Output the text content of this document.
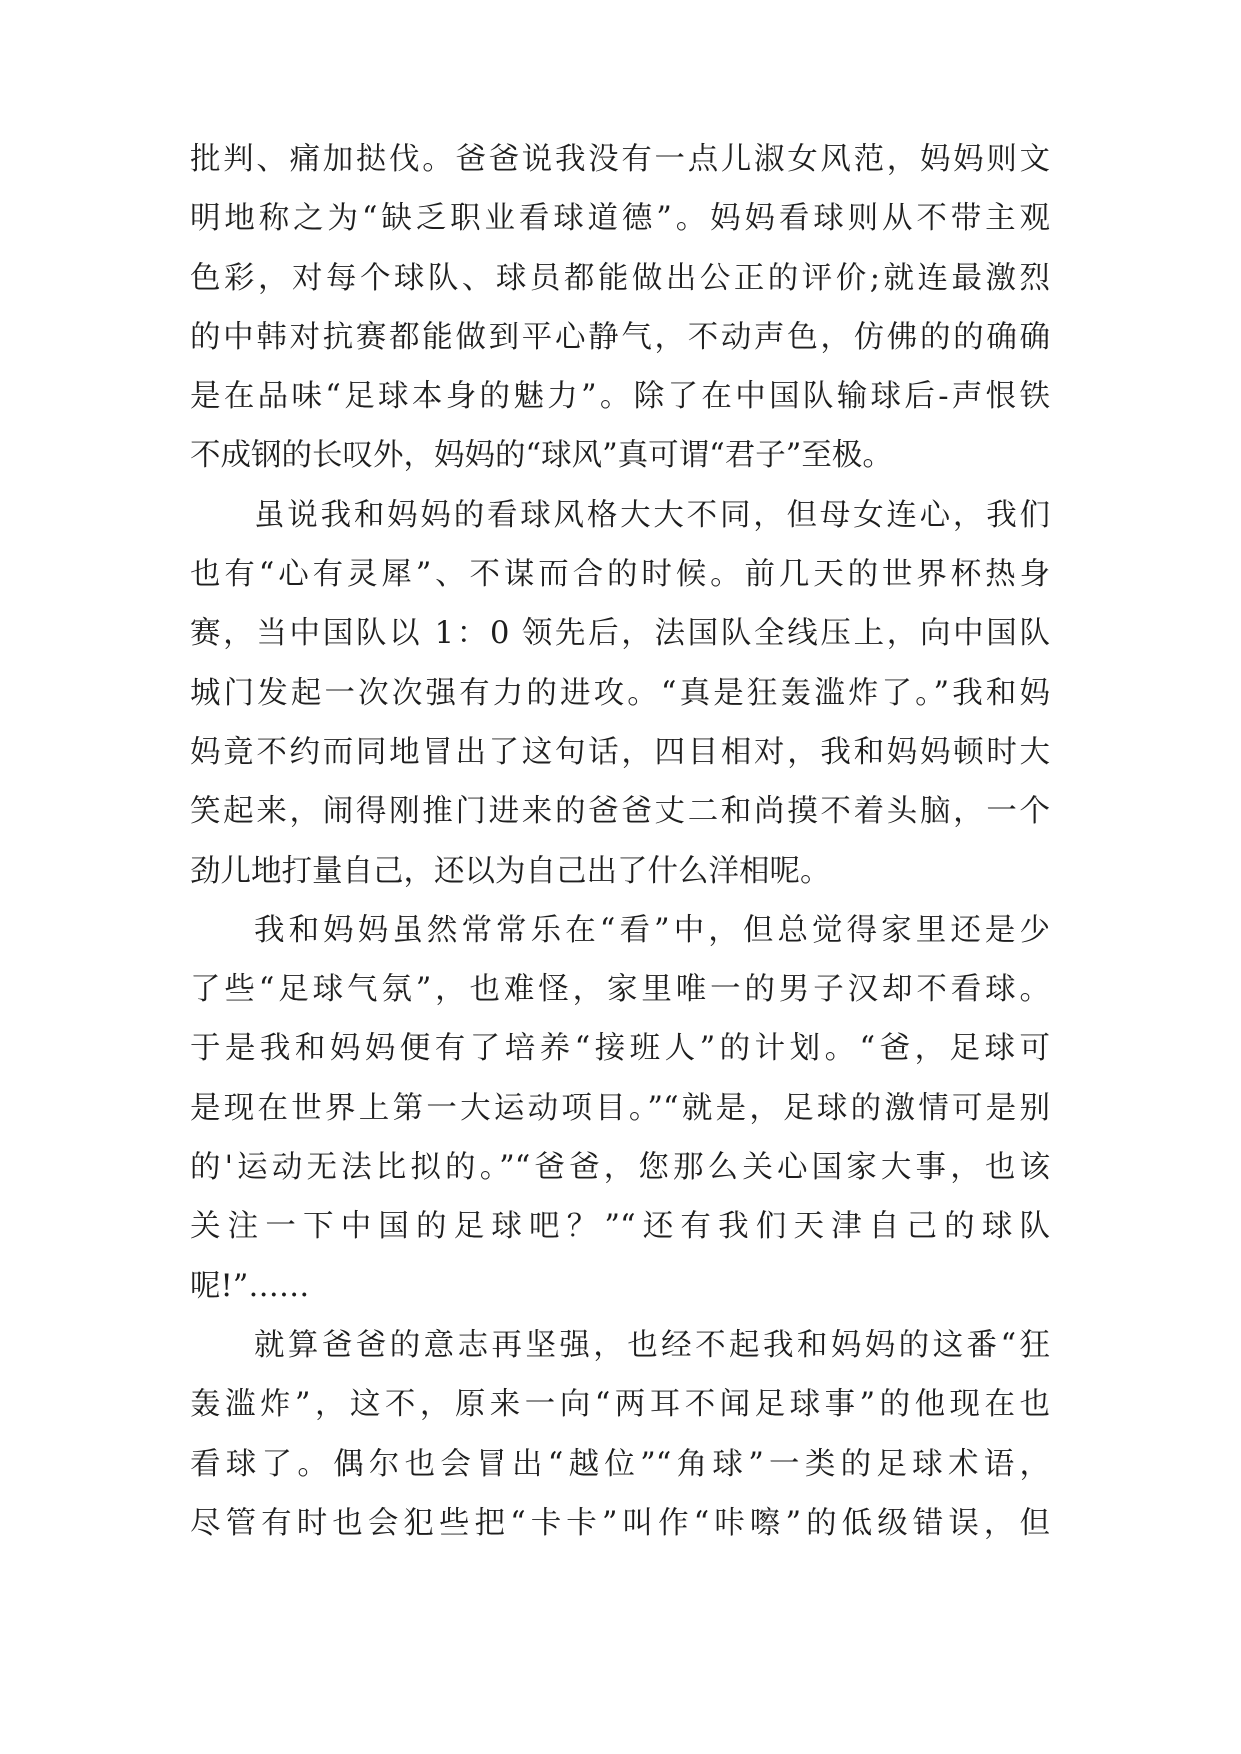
批判、痛加挞伐。爸爸说我没有一点儿淑女风范，妈妈则文
明地称之为“缺乏职业看球道德”。妈妈看球则从不带主观
色彩，对每个球队、球员都能做出公正的评价;就连最激烈
的中韩对抗赛都能做到平心静气，不动声色，仿佛的的确确
是在品味“足球本身的魅力”。除了在中国队输球后-声恨铁
不成钢的长叹外，妈妈的“球风”真可谓“君子”至极。
虽说我和妈妈的看球风格大大不同，但母女连心，我们
也有“心有灵犀”、不谋而合的时候。前几天的世界杯热身
赛，当中国队以 1：0 领先后，法国队全线压上，向中国队
城门发起一次次强有力的进攻。“真是狂轰滥炸了。”我和妈
妈竟不约而同地冒出了这句话，四目相对，我和妈妈顿时大
笑起来，闹得刚推门进来的爸爸丈二和尚摸不着头脑，一个
劲儿地打量自己，还以为自己出了什么洋相呢。
我和妈妈虽然常常乐在“看”中，但总觉得家里还是少
了些“足球气氛”，也难怪，家里唯一的男子汉却不看球。
于是我和妈妈便有了培养“接班人”的计划。“爸，足球可
是现在世界上第一大运动项目。”“就是，足球的激情可是别
的'运动无法比拟的。”“爸爸，您那么关心国家大事，也该
关注一下中国的足球吧？”“还有我们天津自己的球队
呢!”……
就算爸爸的意志再坚强，也经不起我和妈妈的这番“狂
轰滥炸”，这不，原来一向“两耳不闻足球事”的他现在也
看球了。偶尔也会冒出“越位”“角球”一类的足球术语，
尽管有时也会犯些把“卡卡”叫作“咔嚓”的低级错误，但
